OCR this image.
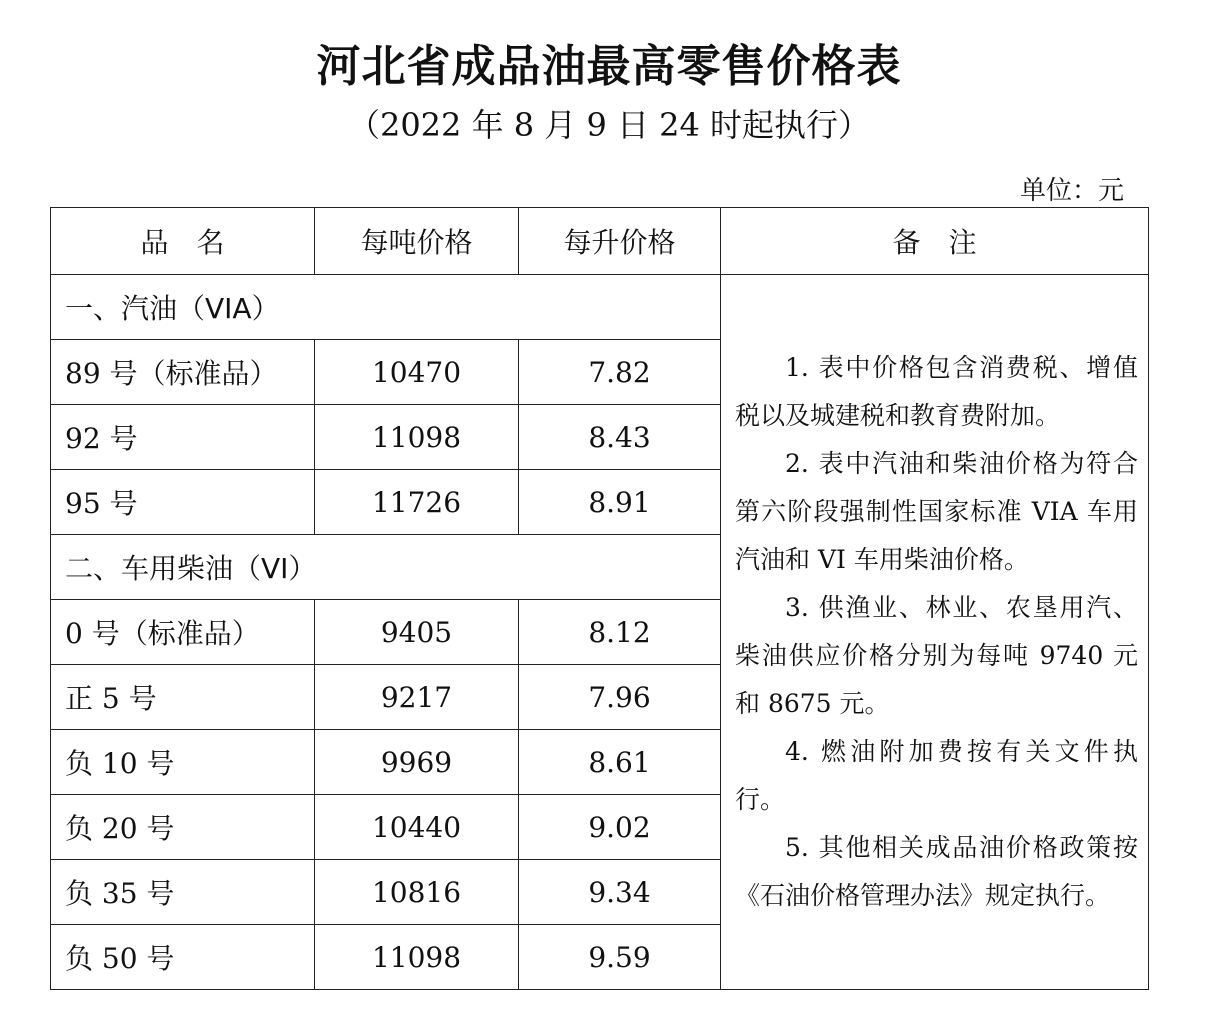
河北省成品油最高零售价格表
（2022 年 8 月 9 日 24 时起执行）
单位：元
品　名	每吨价格	每升价格	备　注
一、汽油（VIA）			1. 表中价格包含消费税、增值税以及城建税和教育费附加。
2. 表中汽油和柴油价格为符合第六阶段强制性国家标准 VIA 车用汽油和 VI 车用柴油价格。
3. 供渔业、林业、农垦用汽、柴油供应价格分别为每吨 9740 元和 8675 元。
4. 燃油附加费按有关文件执行。
5. 其他相关成品油价格政策按《石油价格管理办法》规定执行。

89 号（标准品）	10470	7.82	
92 号	11098	8.43	
95 号	11726	8.91	
二、车用柴油（VI）			
0 号（标准品）	9405	8.12	
正 5 号	9217	7.96	
负 10 号	9969	8.61	
负 20 号	10440	9.02	
负 35 号	10816	9.34	
负 50 号	11098	9.59	
